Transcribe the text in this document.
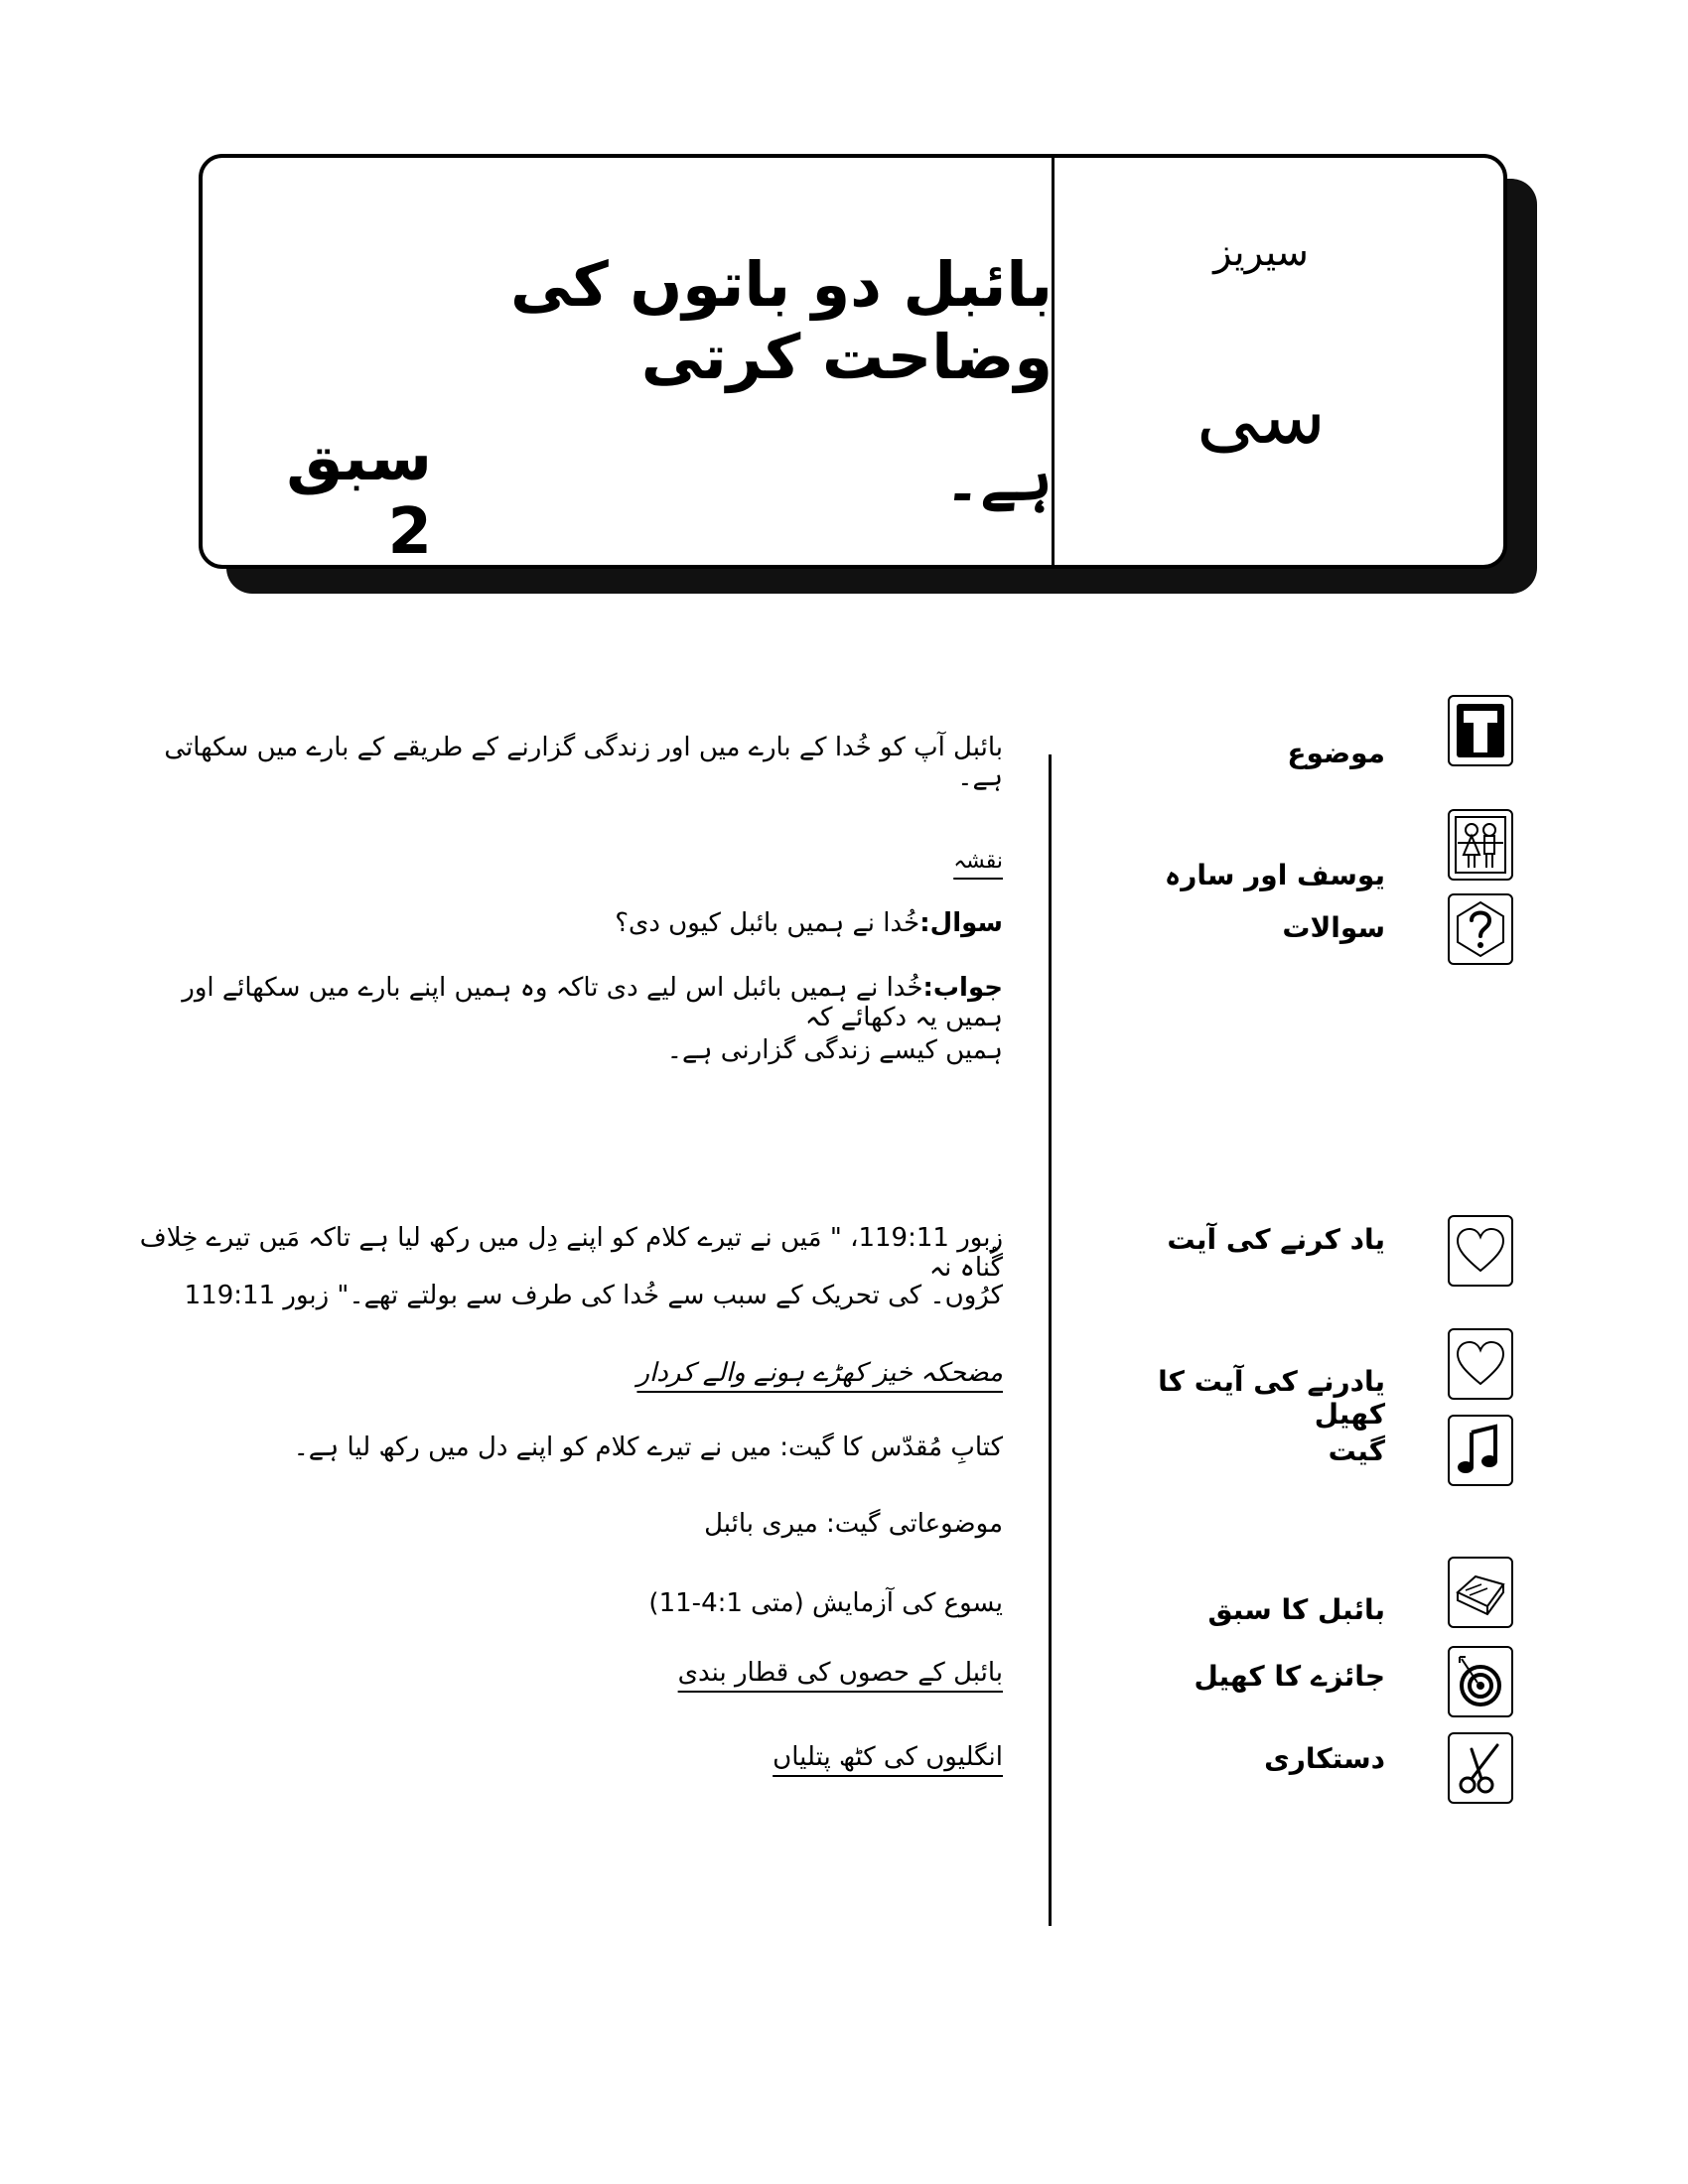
سیریز
سی
بائبل دو باتوں کی وضاحت کرتی
ہے۔
سبق 2
موضوع
بائبل آپ کو خُدا کے بارے میں اور زندگی گزارنے کے طریقے کے بارے میں سکھاتی ہے۔
یوسف اور سارہ
نقشہ
سوالات
سوال:خُدا نے ہمیں بائبل کیوں دی؟
جواب:خُدا نے ہمیں بائبل اس لیے دی تاکہ وہ ہمیں اپنے بارے میں سکھائے اور ہمیں یہ دکھائے کہ
ہمیں کیسے زندگی گزارنی ہے۔
یاد کرنے کی آیت
زبور 119:11، " مَیں نے تیرے کلام کو اپنے دِل میں رکھ لیا ہے تاکہ مَیں تیرے خِلاف گُناہ نہ
کرُوں۔ کی تحریک کے سبب سے خُدا کی طرف سے بولتے تھے۔" زبور 119:11
یادرنے کی آیت کا کھیل
مضحکہ خیز کھڑے ہونے والے کردار
گیت
کتابِ مُقدّس کا گیت: میں نے تیرے کلام کو اپنے دل میں رکھ لیا ہے۔
موضوعاتی گیت: میری بائبل
بائبل کا سبق
یسوع کی آزمایش (متی 4:1-11)
جائزے کا کھیل
بائبل کے حصوں کی قطار بندی
دستکاری
انگلیوں کی کٹھ پتلیاں
